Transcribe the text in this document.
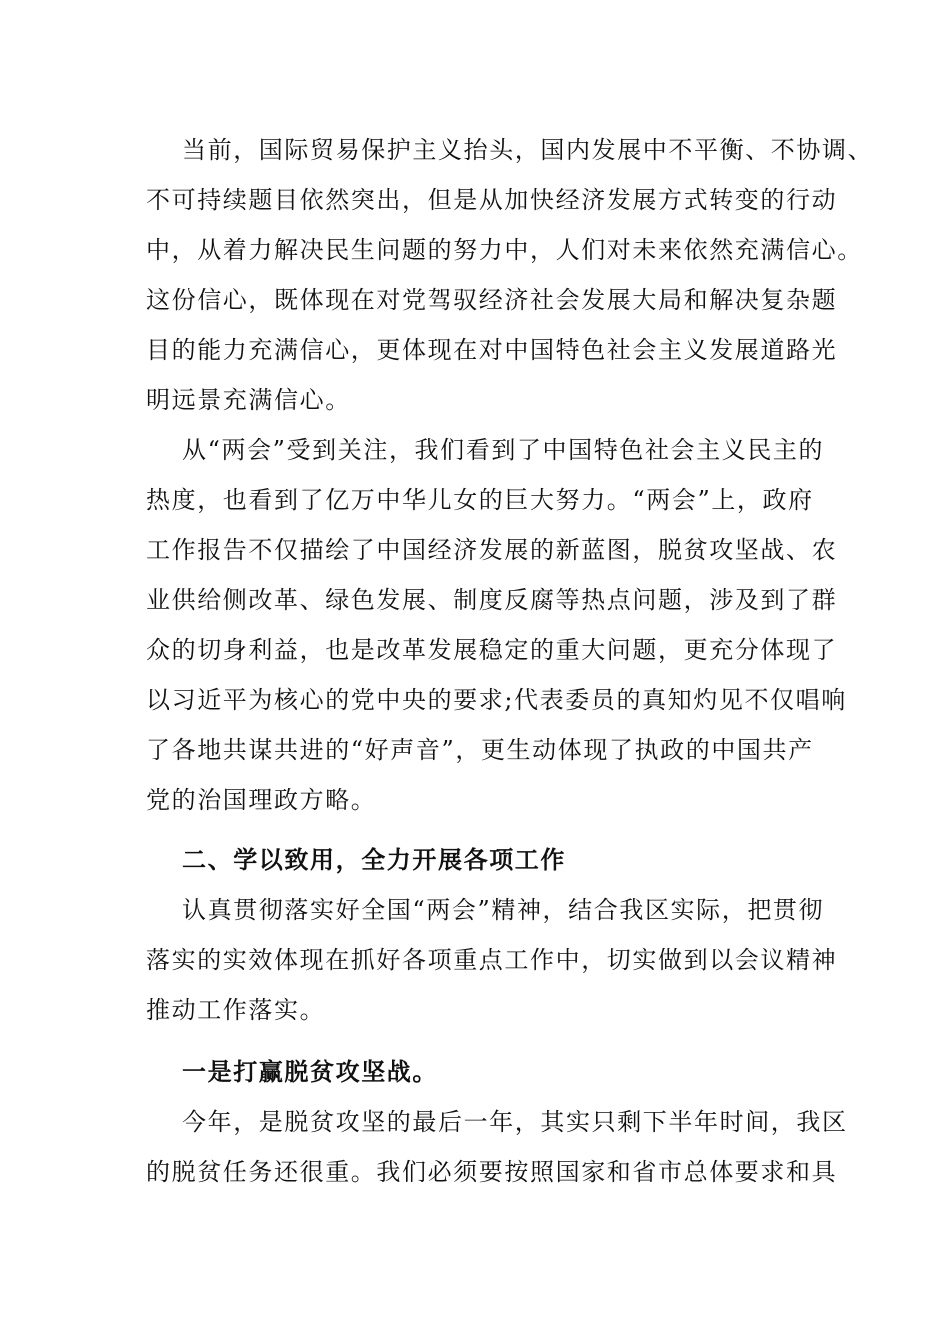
当前，国际贸易保护主义抬头，国内发展中不平衡、不协调、
不可持续题目依然突出，但是从加快经济发展方式转变的行动
中，从着力解决民生问题的努力中，人们对未来依然充满信心。
这份信心，既体现在对党驾驭经济社会发展大局和解决复杂题
目的能力充满信心，更体现在对中国特色社会主义发展道路光
明远景充满信心。
从“两会”受到关注，我们看到了中国特色社会主义民主的
热度，也看到了亿万中华儿女的巨大努力。“两会”上，政府
工作报告不仅描绘了中国经济发展的新蓝图，脱贫攻坚战、农
业供给侧改革、绿色发展、制度反腐等热点问题，涉及到了群
众的切身利益，也是改革发展稳定的重大问题，更充分体现了
以习近平为核心的党中央的要求;代表委员的真知灼见不仅唱响
了各地共谋共进的“好声音”，更生动体现了执政的中国共产
党的治国理政方略。
二、学以致用，全力开展各项工作
认真贯彻落实好全国“两会”精神，结合我区实际，把贯彻
落实的实效体现在抓好各项重点工作中，切实做到以会议精神
推动工作落实。
一是打赢脱贫攻坚战。
今年，是脱贫攻坚的最后一年，其实只剩下半年时间，我区
的脱贫任务还很重。我们必须要按照国家和省市总体要求和具
